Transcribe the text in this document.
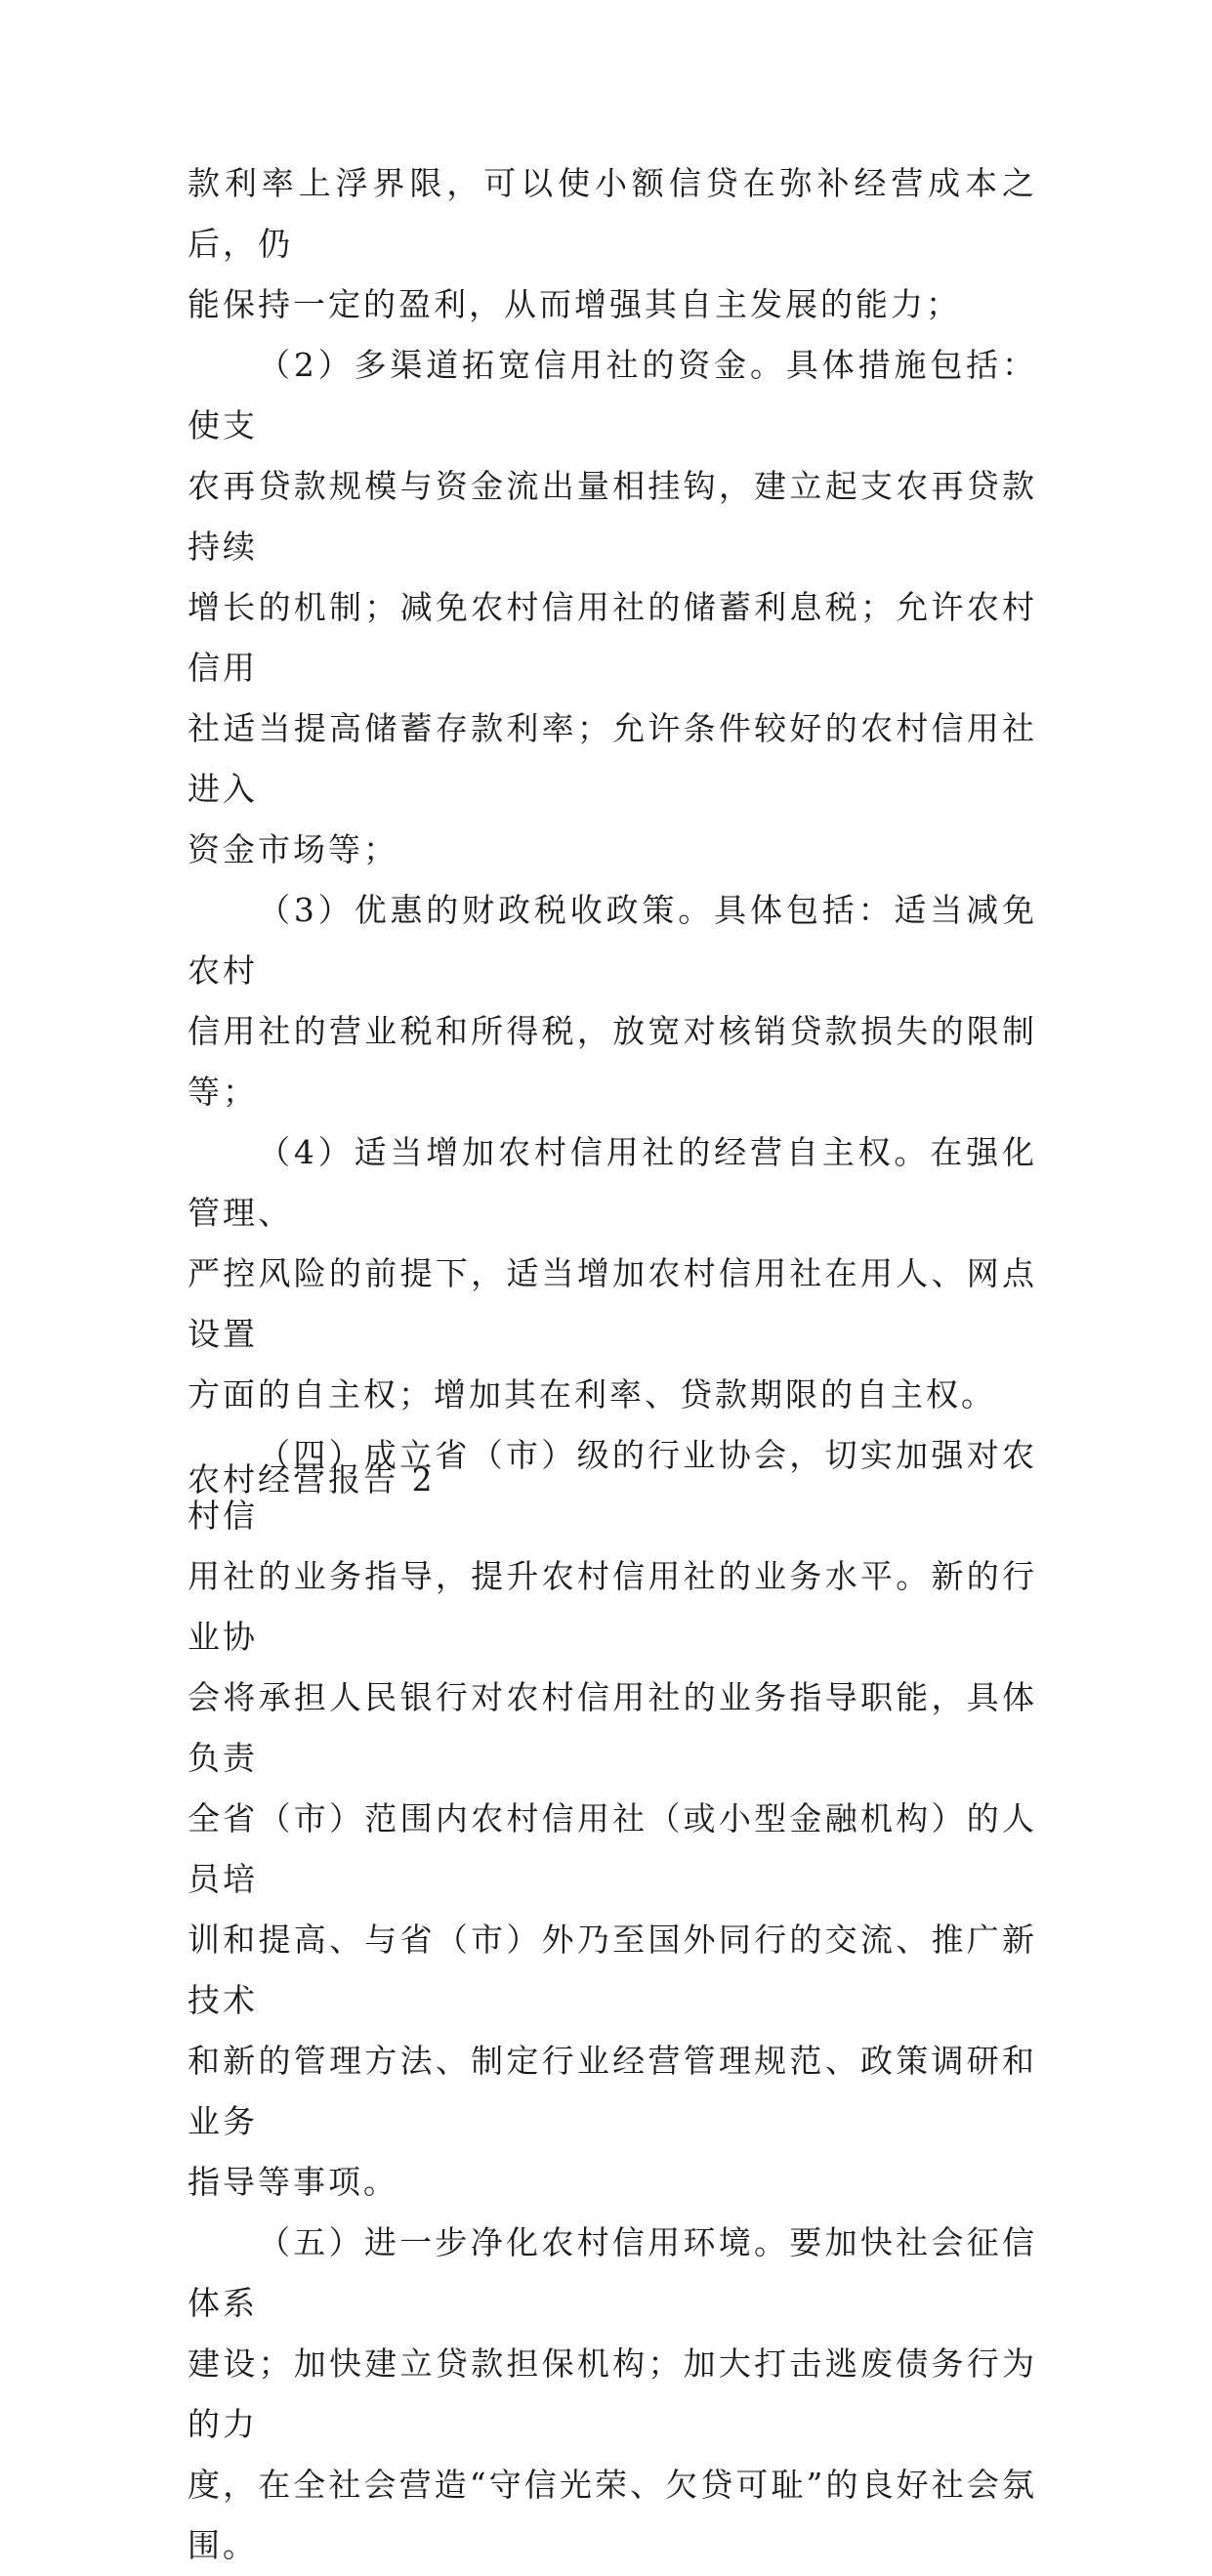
款利率上浮界限，可以使小额信贷在弥补经营成本之后，仍
能保持一定的盈利，从而增强其自主发展的能力；

（2）多渠道拓宽信用社的资金。具体措施包括：使支
农再贷款规模与资金流出量相挂钩，建立起支农再贷款持续
增长的机制；减免农村信用社的储蓄利息税；允许农村信用
社适当提高储蓄存款利率；允许条件较好的农村信用社进入
资金市场等；

（3）优惠的财政税收政策。具体包括：适当减免农村
信用社的营业税和所得税，放宽对核销贷款损失的限制等；

（4）适当增加农村信用社的经营自主权。在强化管理、
严控风险的前提下，适当增加农村信用社在用人、网点设置
方面的自主权；增加其在利率、贷款期限的自主权。

（四）成立省（市）级的行业协会，切实加强对农村信
用社的业务指导，提升农村信用社的业务水平。新的行业协
会将承担人民银行对农村信用社的业务指导职能，具体负责
全省（市）范围内农村信用社（或小型金融机构）的人员培
训和提高、与省（市）外乃至国外同行的交流、推广新技术
和新的管理方法、制定行业经营管理规范、政策调研和业务
指导等事项。

（五）进一步净化农村信用环境。要加快社会征信体系
建设；加快建立贷款担保机构；加大打击逃废债务行为的力
度，在全社会营造“守信光荣、欠贷可耻”的良好社会氛围。

农村经营报告 2
